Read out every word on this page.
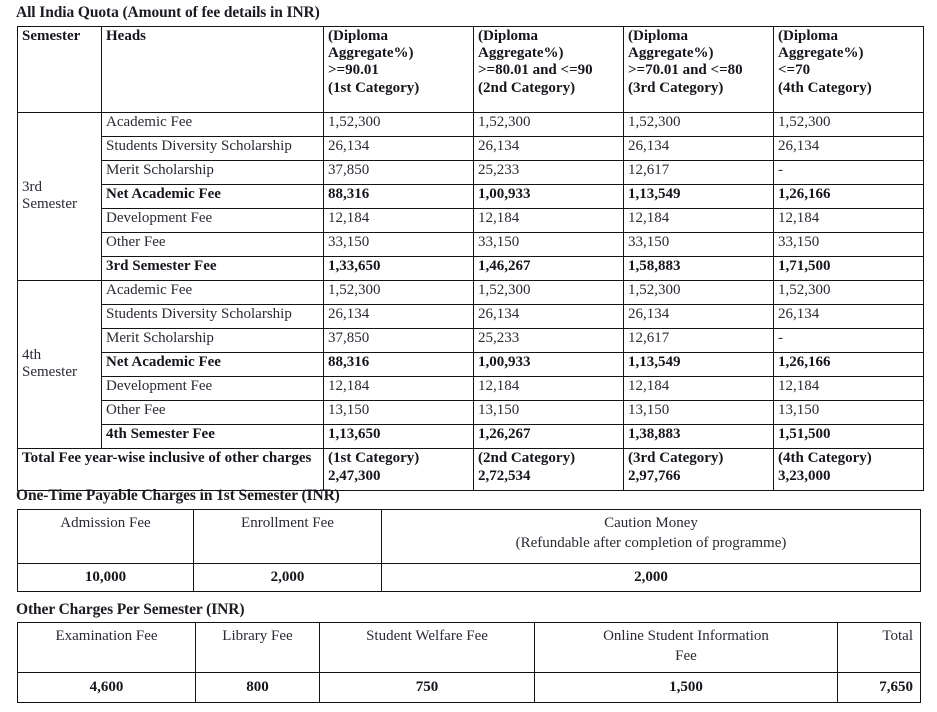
All India Quota (Amount of fee details in INR)
Semester	Heads	(Diploma
Aggregate%)
>=90.01
(1st Category)	(Diploma
Aggregate%)
>=80.01 and <=90
(2nd Category)	(Diploma
Aggregate%)
>=70.01 and <=80
(3rd Category)	(Diploma
Aggregate%)
<=70
(4th Category)

3rd Semester	Academic Fee	1,52,300	1,52,300	1,52,300	1,52,300
	Students Diversity Scholarship	26,134	26,134	26,134	26,134
	Merit Scholarship	37,850	25,233	12,617	-
	Net Academic Fee	88,316	1,00,933	1,13,549	1,26,166
	Development Fee	12,184	12,184	12,184	12,184
	Other Fee	33,150	33,150	33,150	33,150
	3rd Semester Fee	1,33,650	1,46,267	1,58,883	1,71,500
4th Semester	Academic Fee	1,52,300	1,52,300	1,52,300	1,52,300
	Students Diversity Scholarship	26,134	26,134	26,134	26,134
	Merit Scholarship	37,850	25,233	12,617	-
	Net Academic Fee	88,316	1,00,933	1,13,549	1,26,166
	Development Fee	12,184	12,184	12,184	12,184
	Other Fee	13,150	13,150	13,150	13,150
	4th Semester Fee	1,13,650	1,26,267	1,38,883	1,51,500
Total Fee year-wise inclusive of other charges		(1st Category)
2,47,300	(2nd Category)
2,72,534	(3rd Category)
2,97,766	(4th Category)
3,23,000
One-Time Payable Charges in 1st Semester (INR)
Admission Fee	Enrollment Fee	Caution Money
(Refundable after completion of programme)

10,000	2,000	2,000
Other Charges Per Semester (INR)
Examination Fee	Library Fee	Student Welfare Fee	Online Student Information
Fee	Total
4,600	800	750	1,500	7,650
